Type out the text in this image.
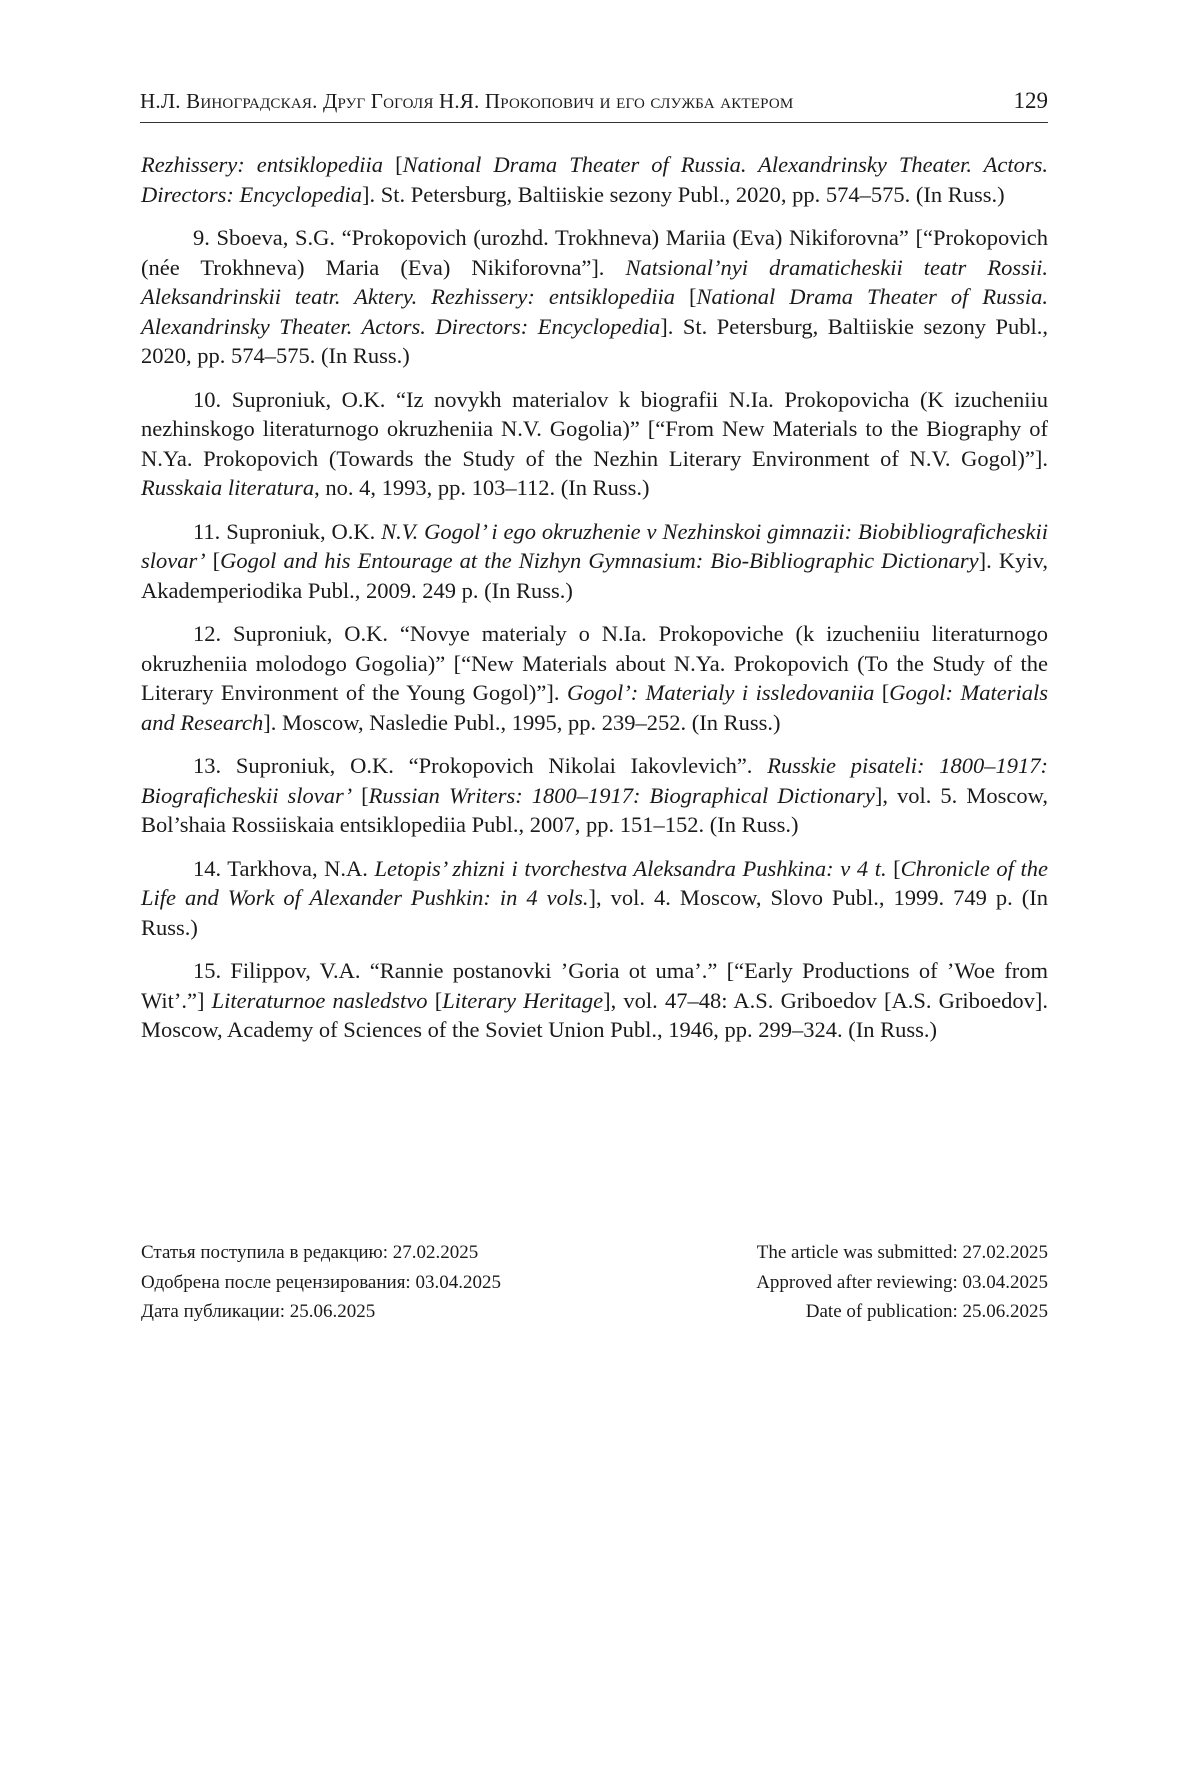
Н.Л. Виноградская. Друг Гоголя Н.Я. Прокопович и его служба актером	129

Rezhissery: entsiklopediia [National Drama Theater of Russia. Alexandrinsky Theater. Actors. Directors: Encyclopedia]. St. Petersburg, Baltiiskie sezony Publ., 2020, pp. 574–575. (In Russ.)

9. Sboeva, S.G. “Prokopovich (urozhd. Trokhneva) Mariia (Eva) Nikiforovna” [“Prokopovich (née Trokhneva) Maria (Eva) Nikiforovna”]. Natsional’nyi dramaticheskii teatr Rossii. Aleksandrinskii teatr. Aktery. Rezhissery: entsiklopediia [National Drama Theater of Russia. Alexandrinsky Theater. Actors. Directors: Encyclopedia]. St. Petersburg, Baltiiskie sezony Publ., 2020, pp. 574–575. (In Russ.)

10. Suproniuk, O.K. “Iz novykh materialov k biografii N.Ia. Prokopovicha (K izucheniiu nezhinskogo literaturnogo okruzheniia N.V. Gogolia)” [“From New Materials to the Biography of N.Ya. Prokopovich (Towards the Study of the Nezhin Literary Environment of N.V. Gogol)”]. Russkaia literatura, no. 4, 1993, pp. 103–112. (In Russ.)

11. Suproniuk, O.K. N.V. Gogol’ i ego okruzhenie v Nezhinskoi gimnazii: Biobibliograficheskii slovar’ [Gogol and his Entourage at the Nizhyn Gymnasium: Bio-Bibliographic Dictionary]. Kyiv, Akademperiodika Publ., 2009. 249 p. (In Russ.)

12. Suproniuk, O.K. “Novye materialy o N.Ia. Prokopoviche (k izucheniiu literaturnogo okruzheniia molodogo Gogolia)” [“New Materials about N.Ya. Prokopovich (To the Study of the Literary Environment of the Young Gogol)”]. Gogol’: Materialy i issledovaniia [Gogol: Materials and Research]. Moscow, Nasledie Publ., 1995, pp. 239–252. (In Russ.)

13. Suproniuk, O.K. “Prokopovich Nikolai Iakovlevich”. Russkie pisateli: 1800–1917: Biograficheskii slovar’ [Russian Writers: 1800–1917: Biographical Dictionary], vol. 5. Moscow, Bol’shaia Rossiiskaia entsiklopediia Publ., 2007, pp. 151–152. (In Russ.)

14. Tarkhova, N.A. Letopis’ zhizni i tvorchestva Aleksandra Pushkina: v 4 t. [Chronicle of the Life and Work of Alexander Pushkin: in 4 vols.], vol. 4. Moscow, Slovo Publ., 1999. 749 p. (In Russ.)

15. Filippov, V.A. “Rannie postanovki ’Goria ot uma’.” [“Early Productions of ’Woe from Wit’.”] Literaturnoe nasledstvo [Literary Heritage], vol. 47–48: A.S. Griboedov [A.S. Griboedov]. Moscow, Academy of Sciences of the Soviet Union Publ., 1946, pp. 299–324. (In Russ.)

Статья поступила в редакцию: 27.02.2025
Одобрена после рецензирования: 03.04.2025
Дата публикации: 25.06.2025
The article was submitted: 27.02.2025
Approved after reviewing: 03.04.2025
Date of publication: 25.06.2025
